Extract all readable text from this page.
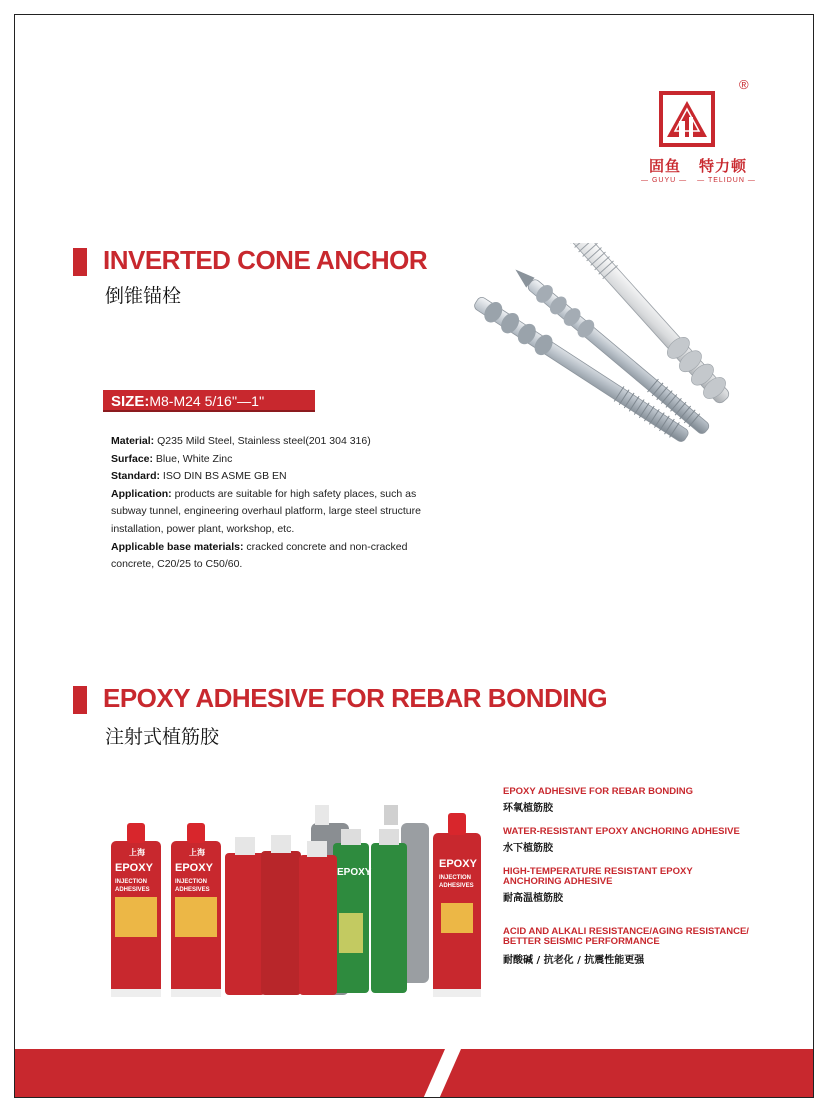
®
固鱼 特力顿
— GUYU — — TELIDUN —
INVERTED CONE ANCHOR
倒锥锚栓
SIZE:M8-M24 5/16''—1''

Material: Q235 Mild Steel, Stainless steel(201 304 316)

Surface: Blue, White Zinc

Standard: ISO DIN BS ASME GB EN

Application: products are suitable for high safety places, such as subway tunnel, engineering overhaul platform, large steel structure installation, power plant, workshop, etc.

Applicable base materials: cracked concrete and non-cracked concrete, C20/25 to C50/60.

EPOXY ADHESIVE FOR REBAR BONDING
注射式植筋胶
EPOXY EPOXY	EPOXY
EPOXY
INJECTION	INJECTION
INJECTION
ADHESIVES	ADHESIVES
ADHESIVES
上海	上海
EPOXY ADHESIVE FOR REBAR BONDING
环氧植筋胶
WATER-RESISTANT EPOXY ANCHORING ADHESIVE
水下植筋胶
HIGH-TEMPERATURE RESISTANT EPOXY ANCHORING ADHESIVE
耐高温植筋胶
ACID AND ALKALI RESISTANCE/AGING RESISTANCE/ BETTER SEISMIC PERFORMANCE
耐酸碱 / 抗老化 / 抗震性能更强
